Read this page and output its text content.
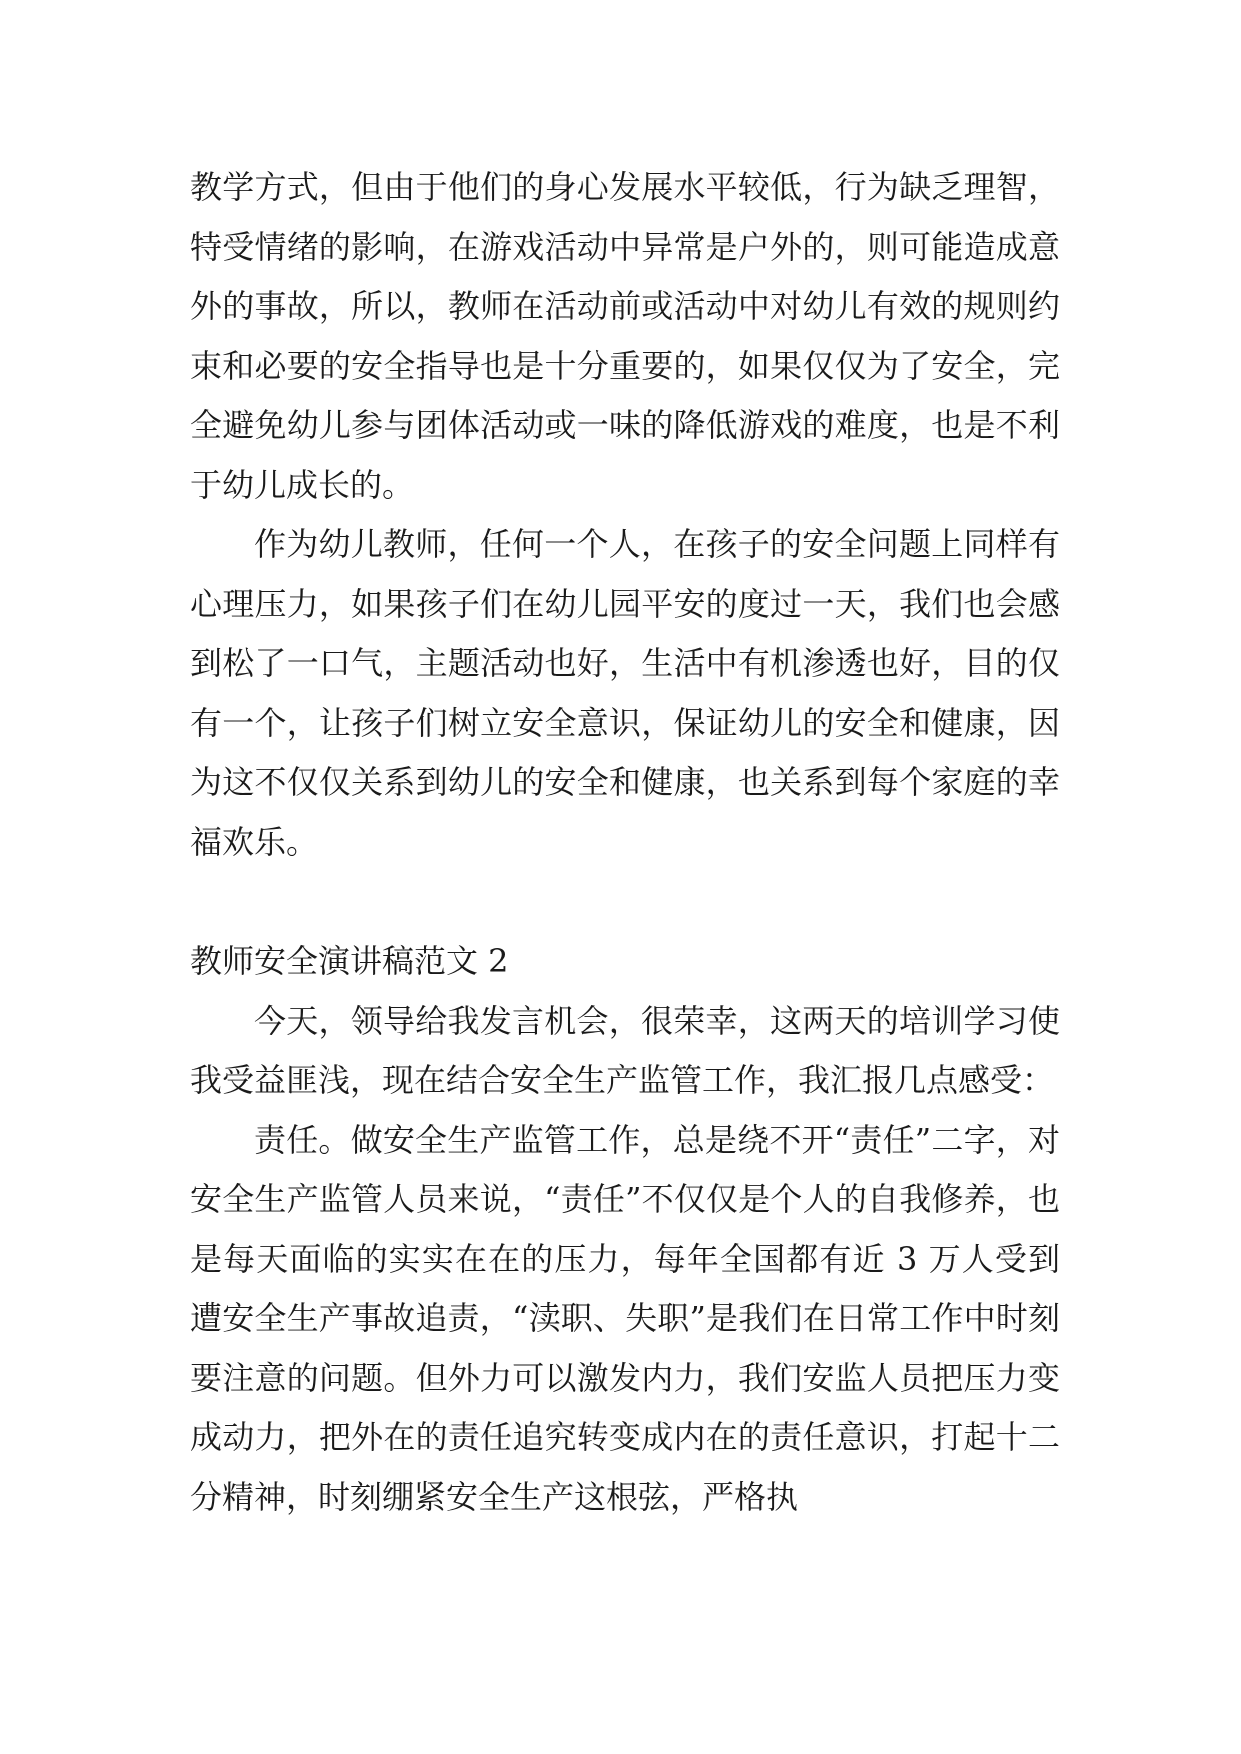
教学方式，但由于他们的身心发展水平较低，行为缺乏理智，特受情绪的影响，在游戏活动中异常是户外的，则可能造成意外的事故，所以，教师在活动前或活动中对幼儿有效的规则约束和必要的安全指导也是十分重要的，如果仅仅为了安全，完全避免幼儿参与团体活动或一味的降低游戏的难度，也是不利于幼儿成长的。

作为幼儿教师，任何一个人，在孩子的安全问题上同样有心理压力，如果孩子们在幼儿园平安的度过一天，我们也会感到松了一口气，主题活动也好，生活中有机渗透也好，目的仅有一个，让孩子们树立安全意识，保证幼儿的安全和健康，因为这不仅仅关系到幼儿的安全和健康，也关系到每个家庭的幸福欢乐。

教师安全演讲稿范文 2

今天，领导给我发言机会，很荣幸，这两天的培训学习使我受益匪浅，现在结合安全生产监管工作，我汇报几点感受：

责任。做安全生产监管工作，总是绕不开“责任”二字，对安全生产监管人员来说，“责任”不仅仅是个人的自我修养，也是每天面临的实实在在的压力，每年全国都有近 3 万人受到遭安全生产事故追责，“渎职、失职”是我们在日常工作中时刻要注意的问题。但外力可以激发内力，我们安监人员把压力变成动力，把外在的责任追究转变成内在的责任意识，打起十二分精神，时刻绷紧安全生产这根弦，严格执
